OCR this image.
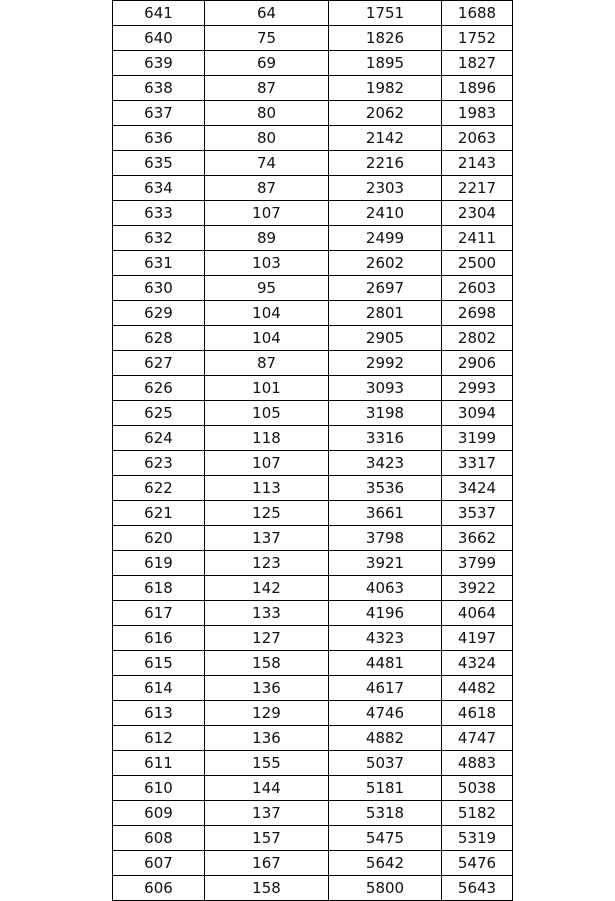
641	64	1751	1688
640	75	1826	1752
639	69	1895	1827
638	87	1982	1896
637	80	2062	1983
636	80	2142	2063
635	74	2216	2143
634	87	2303	2217
633	107	2410	2304
632	89	2499	2411
631	103	2602	2500
630	95	2697	2603
629	104	2801	2698
628	104	2905	2802
627	87	2992	2906
626	101	3093	2993
625	105	3198	3094
624	118	3316	3199
623	107	3423	3317
622	113	3536	3424
621	125	3661	3537
620	137	3798	3662
619	123	3921	3799
618	142	4063	3922
617	133	4196	4064
616	127	4323	4197
615	158	4481	4324
614	136	4617	4482
613	129	4746	4618
612	136	4882	4747
611	155	5037	4883
610	144	5181	5038
609	137	5318	5182
608	157	5475	5319
607	167	5642	5476
606	158	5800	5643
